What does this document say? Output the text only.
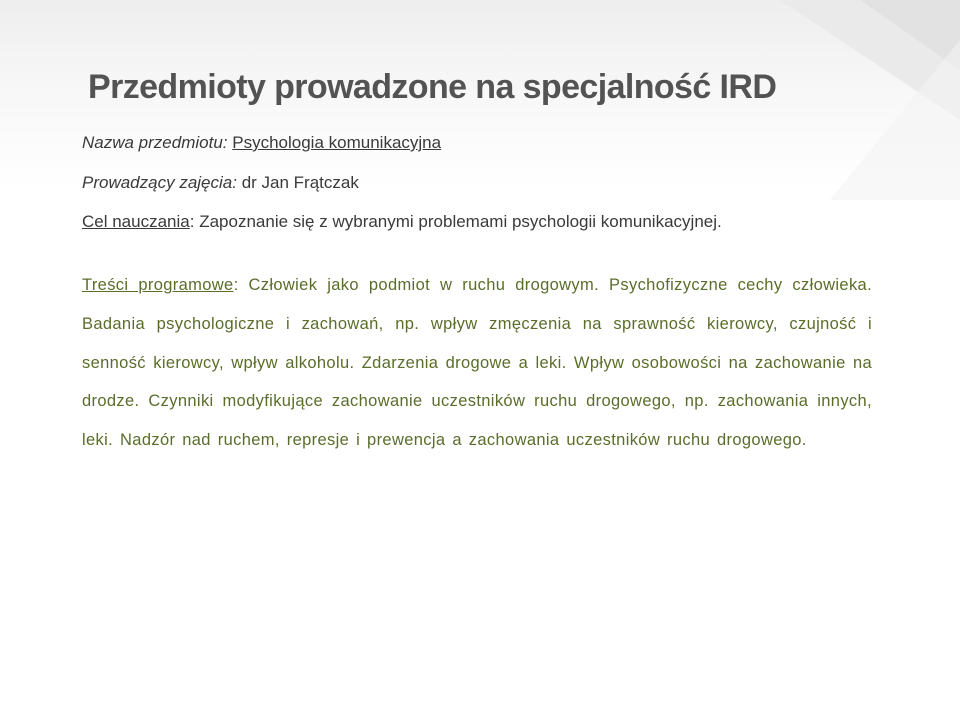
Przedmioty prowadzone na specjalność IRD

Nazwa przedmiotu: Psychologia komunikacyjna

Prowadzący zajęcia: dr Jan Frątczak

Cel nauczania: Zapoznanie się z wybranymi problemami psychologii komunikacyjnej.

Treści programowe: Człowiek jako podmiot w ruchu drogowym. Psychofizyczne cechy człowieka. Badania psychologiczne i zachowań, np. wpływ zmęczenia na sprawność kierowcy, czujność i senność kierowcy, wpływ alkoholu. Zdarzenia drogowe a leki. Wpływ osobowości na zachowanie na drodze. Czynniki modyfikujące zachowanie uczestników ruchu drogowego, np. zachowania innych, leki. Nadzór nad ruchem, represje i prewencja a zachowania uczestników ruchu drogowego.
